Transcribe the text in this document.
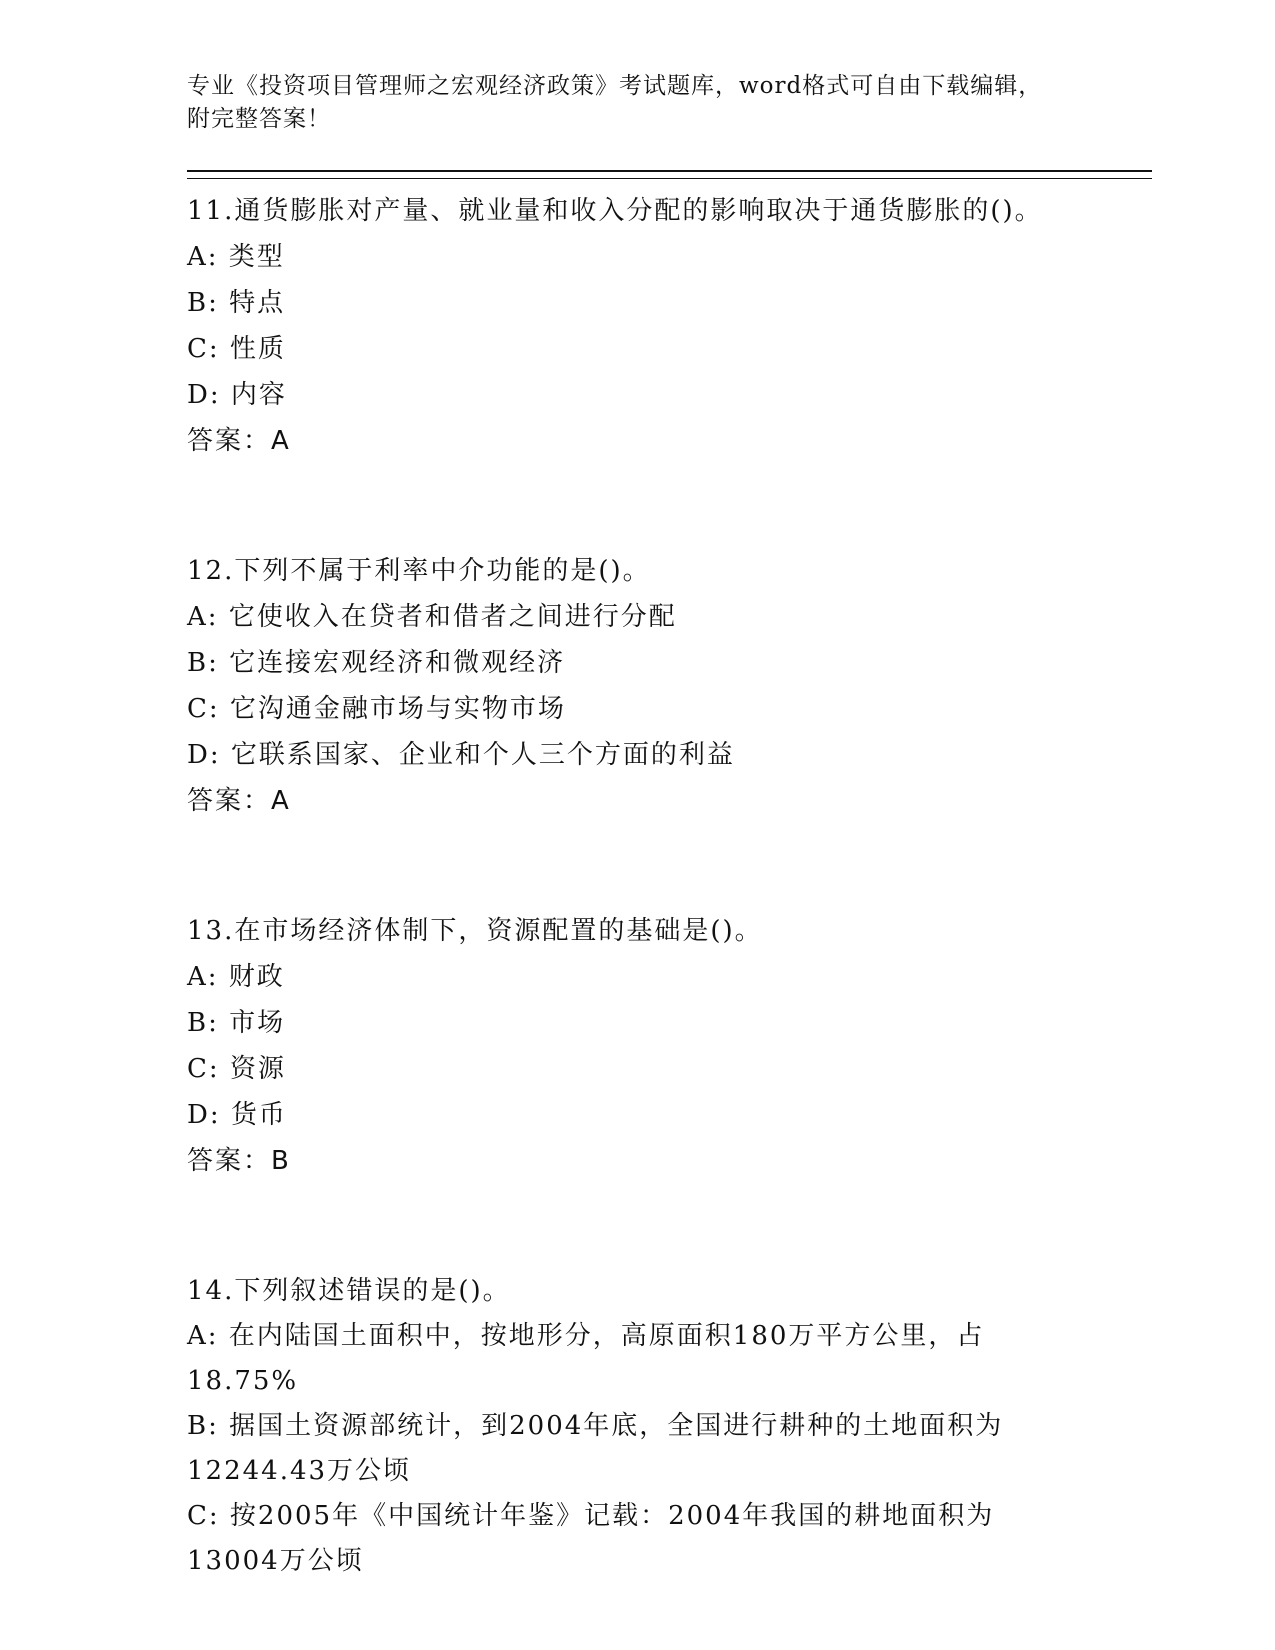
专业《投资项目管理师之宏观经济政策》考试题库，word格式可自由下载编辑，
附完整答案！
11.通货膨胀对产量、就业量和收入分配的影响取决于通货膨胀的()。
A: 类型
B: 特点
C: 性质
D: 内容
答案：A
12.下列不属于利率中介功能的是()。
A: 它使收入在贷者和借者之间进行分配
B: 它连接宏观经济和微观经济
C: 它沟通金融市场与实物市场
D: 它联系国家、企业和个人三个方面的利益
答案：A
13.在市场经济体制下，资源配置的基础是()。
A: 财政
B: 市场
C: 资源
D: 货币
答案：B
14.下列叙述错误的是()。
A: 在内陆国土面积中，按地形分，高原面积180万平方公里，占18.75%
B: 据国土资源部统计，到2004年底，全国进行耕种的土地面积为12244.43万公顷
C: 按2005年《中国统计年鉴》记载：2004年我国的耕地面积为13004万公顷
